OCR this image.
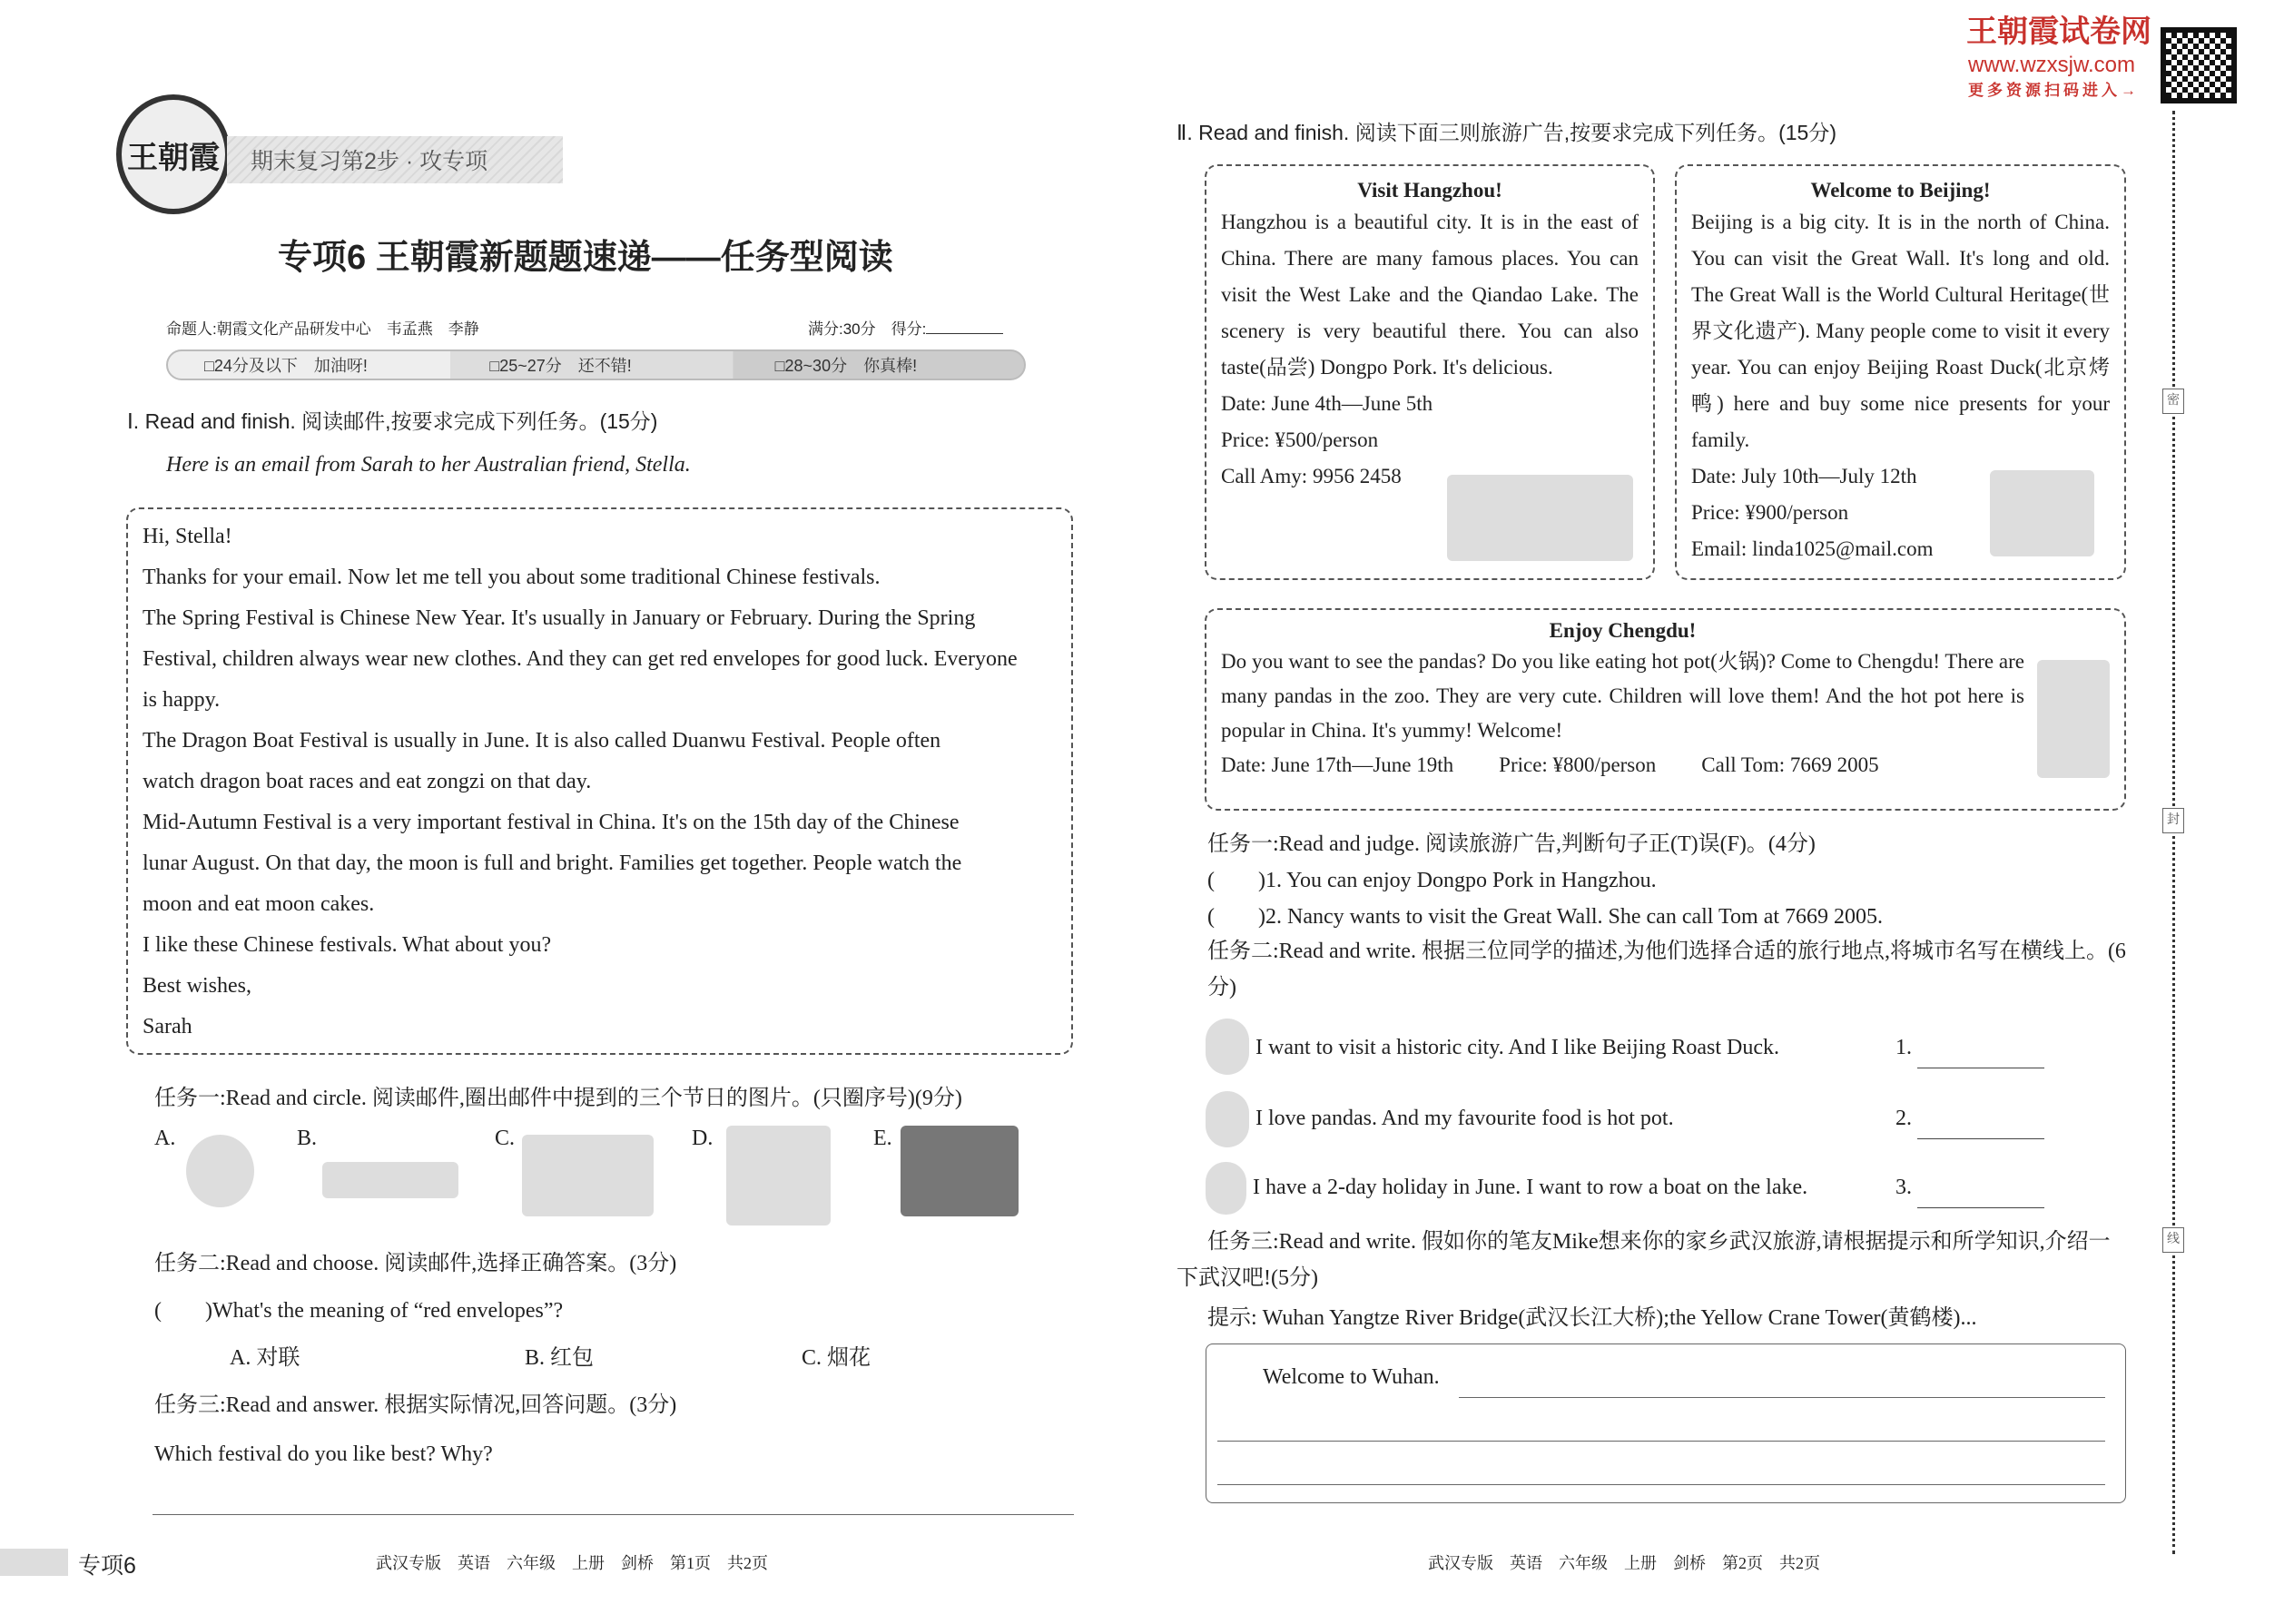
王朝霞	期末复习第2步 · 攻专项
专项6 王朝霞新题题速递——任务型阅读
命题人:朝霞文化产品研发中心　韦孟燕　李静	满分:30分　得分:
□24分及以下　加油呀!	□25~27分　还不错!	□28~30分　你真棒!
王朝霞试卷网
www.wzxsjw.com
更多资源扫码进入→
Ⅰ. Read and finish. 阅读邮件,按要求完成下列任务。(15分)
Here is an email from Sarah to her Australian friend, Stella.
Hi, Stella!
Thanks for your email. Now let me tell you about some traditional Chinese festivals.
The Spring Festival is Chinese New Year. It's usually in January or February. During the Spring
Festival, children always wear new clothes. And they can get red envelopes for good luck. Everyone
is happy.
The Dragon Boat Festival is usually in June. It is also called Duanwu Festival. People often
watch dragon boat races and eat zongzi on that day.
Mid-Autumn Festival is a very important festival in China. It's on the 15th day of the Chinese
lunar August. On that day, the moon is full and bright. Families get together. People watch the
moon and eat moon cakes.
I like these Chinese festivals. What about you?
Best wishes,
Sarah
任务一:Read and circle. 阅读邮件,圈出邮件中提到的三个节日的图片。(只圈序号)(9分)
A.	B.	C.	D.	E.
任务二:Read and choose. 阅读邮件,选择正确答案。(3分)
(　　)What's the meaning of “red envelopes”?
A. 对联	B. 红包	C. 烟花
任务三:Read and answer. 根据实际情况,回答问题。(3分)
Which festival do you like best? Why?
Ⅱ. Read and finish. 阅读下面三则旅游广告,按要求完成下列任务。(15分)
Visit Hangzhou!
Hangzhou is a beautiful city. It is in the east of China. There are many famous places. You can visit the West Lake and the Qiandao Lake. The scenery is very beautiful there. You can also taste(品尝) Dongpo Pork. It's delicious.
Date: June 4th—June 5th
Price: ¥500/person
Call Amy: 9956 2458
Welcome to Beijing!
Beijing is a big city. It is in the north of China. You can visit the Great Wall. It's long and old. The Great Wall is the World Cultural Heritage(世界文化遗产). Many people come to visit it every year. You can enjoy Beijing Roast Duck(北京烤鸭) here and buy some nice presents for your family.
Date: July 10th—July 12th
Price: ¥900/person
Email: linda1025@mail.com
Enjoy Chengdu!
Do you want to see the pandas? Do you like eating hot pot(火锅)? Come to Chengdu! There are many pandas in the zoo. They are very cute. Children will love them! And the hot pot here is popular in China. It's yummy! Welcome!
Date: June 17th—June 19th Price: ¥800/person Call Tom: 7669 2005
任务一:Read and judge. 阅读旅游广告,判断句子正(T)误(F)。(4分)
(　　)1. You can enjoy Dongpo Pork in Hangzhou.
(　　)2. Nancy wants to visit the Great Wall. She can call Tom at 7669 2005.
任务二:Read and write. 根据三位同学的描述,为他们选择合适的旅行地点,将城市名写在横线上。(6分)
I want to visit a historic city. And I like Beijing Roast Duck.	1.
I love pandas. And my favourite food is hot pot.	2.
I have a 2-day holiday in June. I want to row a boat on the lake.	3.
任务三:Read and write. 假如你的笔友Mike想来你的家乡武汉旅游,请根据提示和所学知识,介绍一下武汉吧!(5分)
提示: Wuhan Yangtze River Bridge(武汉长江大桥);the Yellow Crane Tower(黄鹤楼)...
Welcome to Wuhan.
密
封
线
专项6	武汉专版　英语　六年级　上册　剑桥　第1页　共2页	武汉专版　英语　六年级　上册　剑桥　第2页　共2页
